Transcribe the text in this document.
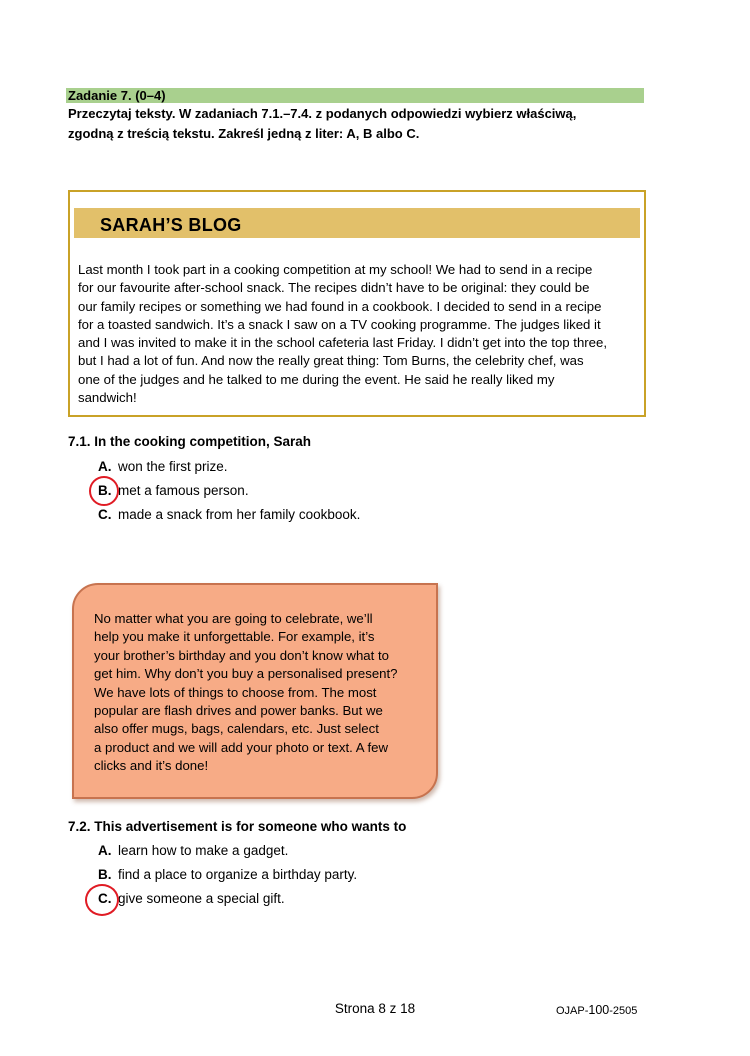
Zadanie 7. (0–4)
Przeczytaj teksty. W zadaniach 7.1.–7.4. z podanych odpowiedzi wybierz właściwą,
zgodną z treścią tekstu. Zakreśl jedną z liter: A, B albo C.
SARAH’S BLOG
Last month I took part in a cooking competition at my school! We had to send in a recipe
for our favourite after-school snack. The recipes didn’t have to be original: they could be
our family recipes or something we had found in a cookbook. I decided to send in a recipe
for a toasted sandwich. It’s a snack I saw on a TV cooking programme. The judges liked it
and I was invited to make it in the school cafeteria last Friday. I didn’t get into the top three,
but I had a lot of fun. And now the really great thing: Tom Burns, the celebrity chef, was
one of the judges and he talked to me during the event. He said he really liked my
sandwich!
7.1. In the cooking competition, Sarah
A. won the first prize.
B. met a famous person.
C. made a snack from her family cookbook.
No matter what you are going to celebrate, we’ll
help you make it unforgettable. For example, it’s
your brother’s birthday and you don’t know what to
get him. Why don’t you buy a personalised present?
We have lots of things to choose from. The most
popular are flash drives and power banks. But we
also offer mugs, bags, calendars, etc. Just select
a product and we will add your photo or text. A few
clicks and it’s done!
7.2. This advertisement is for someone who wants to
A. learn how to make a gadget.
B. find a place to organize a birthday party.
C. give someone a special gift.
Strona 8 z 18	OJAP-100-2505
